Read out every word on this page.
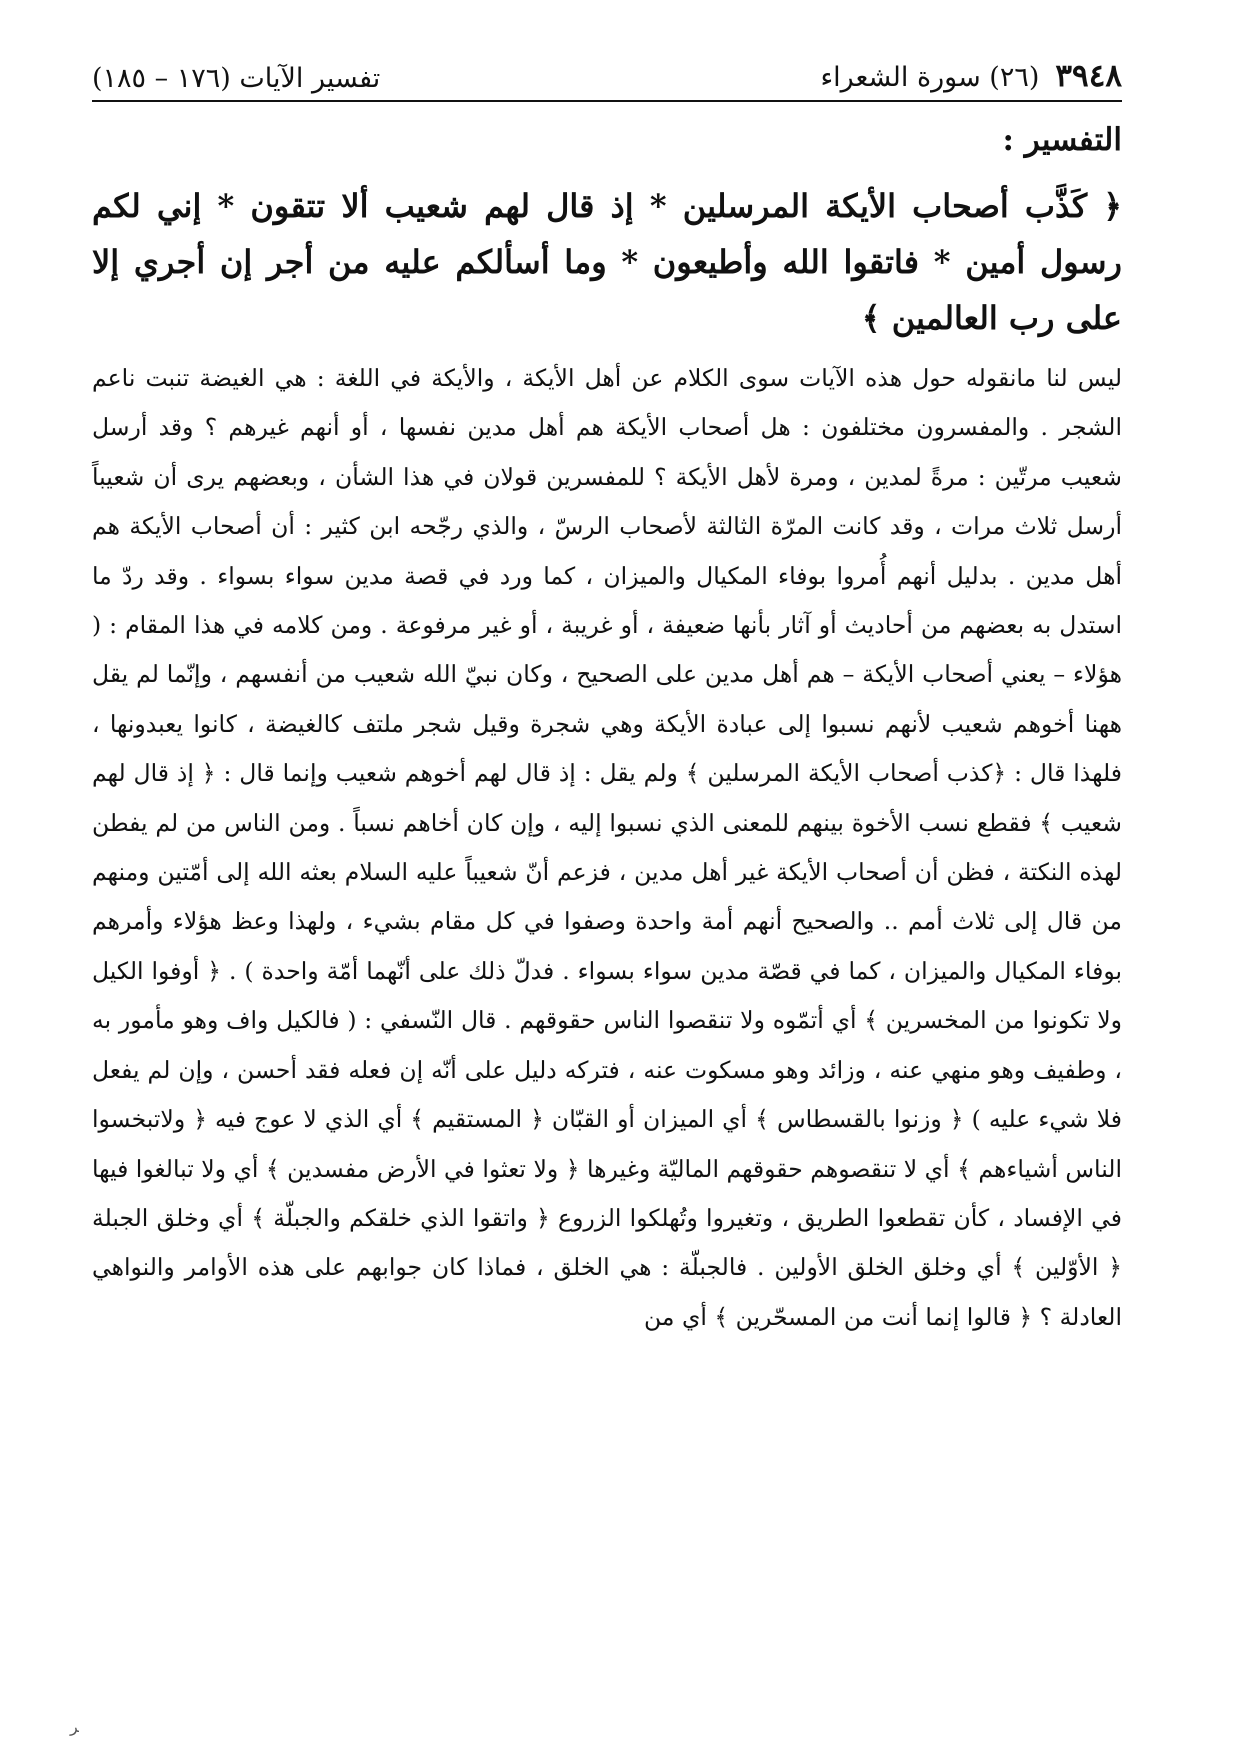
٣٩٤٨
(٢٦) سورة الشعراء
تفسير الآيات (١٧٦ – ١٨٥)
التفسير :

﴿ كَذَّب أصحاب الأيكة المرسلين * إذ قال لهم شعيب ألا تتقون * إني لكم رسول أمين * فاتقوا الله وأطيعون * وما أسألكم عليه من أجر إن أجري إلا على رب العالمين ﴾

ليس لنا مانقوله حول هذه الآيات سوى الكلام عن أهل الأيكة ، والأيكة في اللغة : هي الغيضة تنبت ناعم الشجر . والمفسرون مختلفون : هل أصحاب الأيكة هم أهل مدين نفسها ، أو أنهم غيرهم ؟ وقد أرسل شعيب مرتّين : مرةً لمدين ، ومرة لأهل الأيكة ؟ للمفسرين قولان في هذا الشأن ، وبعضهم يرى أن شعيباً أرسل ثلاث مرات ، وقد كانت المرّة الثالثة لأصحاب الرسّ ، والذي رجّحه ابن كثير : أن أصحاب الأيكة هم أهل مدين . بدليل أنهم أُمروا بوفاء المكيال والميزان ، كما ورد في قصة مدين سواء بسواء . وقد ردّ ما استدل به بعضهم من أحاديث أو آثار بأنها ضعيفة ، أو غريبة ، أو غير مرفوعة . ومن كلامه في هذا المقام : ( هؤلاء – يعني أصحاب الأيكة – هم أهل مدين على الصحيح ، وكان نبيّ الله شعيب من أنفسهم ، وإنّما لم يقل ههنا أخوهم شعيب لأنهم نسبوا إلى عبادة الأيكة وهي شجرة وقيل شجر ملتف كالغيضة ، كانوا يعبدونها ، فلهذا قال : ﴿كذب أصحاب الأيكة المرسلين ﴾ ولم يقل : إذ قال لهم أخوهم شعيب وإنما قال : ﴿ إذ قال لهم شعيب ﴾ فقطع نسب الأخوة بينهم للمعنى الذي نسبوا إليه ، وإن كان أخاهم نسباً . ومن الناس من لم يفطن لهذه النكتة ، فظن أن أصحاب الأيكة غير أهل مدين ، فزعم أنّ شعيباً عليه السلام بعثه الله إلى أمّتين ومنهم من قال إلى ثلاث أمم .. والصحيح أنهم أمة واحدة وصفوا في كل مقام بشيء ، ولهذا وعظ هؤلاء وأمرهم بوفاء المكيال والميزان ، كما في قصّة مدين سواء بسواء . فدلّ ذلك على أنّهما أمّة واحدة ) . ﴿ أوفوا الكيل ولا تكونوا من المخسرين ﴾ أي أتمّوه ولا تنقصوا الناس حقوقهم . قال النّسفي : ( فالكيل واف وهو مأمور به ، وطفيف وهو منهي عنه ، وزائد وهو مسكوت عنه ، فتركه دليل على أنّه إن فعله فقد أحسن ، وإن لم يفعل فلا شيء عليه ) ﴿ وزنوا بالقسطاس ﴾ أي الميزان أو القبّان ﴿ المستقيم ﴾ أي الذي لا عوج فيه ﴿ ولاتبخسوا الناس أشياءهم ﴾ أي لا تنقصوهم حقوقهم الماليّة وغيرها ﴿ ولا تعثوا في الأرض مفسدين ﴾ أي ولا تبالغوا فيها في الإفساد ، كأن تقطعوا الطريق ، وتغيروا وتُهلكوا الزروع ﴿ واتقوا الذي خلقكم والجبلّة ﴾ أي وخلق الجبلة ﴿ الأوّلين ﴾ أي وخلق الخلق الأولين . فالجبلّة : هي الخلق ، فماذا كان جوابهم على هذه الأوامر والنواهي العادلة ؟ ﴿ قالوا إنما أنت من المسحّرين ﴾ أي من

ﺮ
